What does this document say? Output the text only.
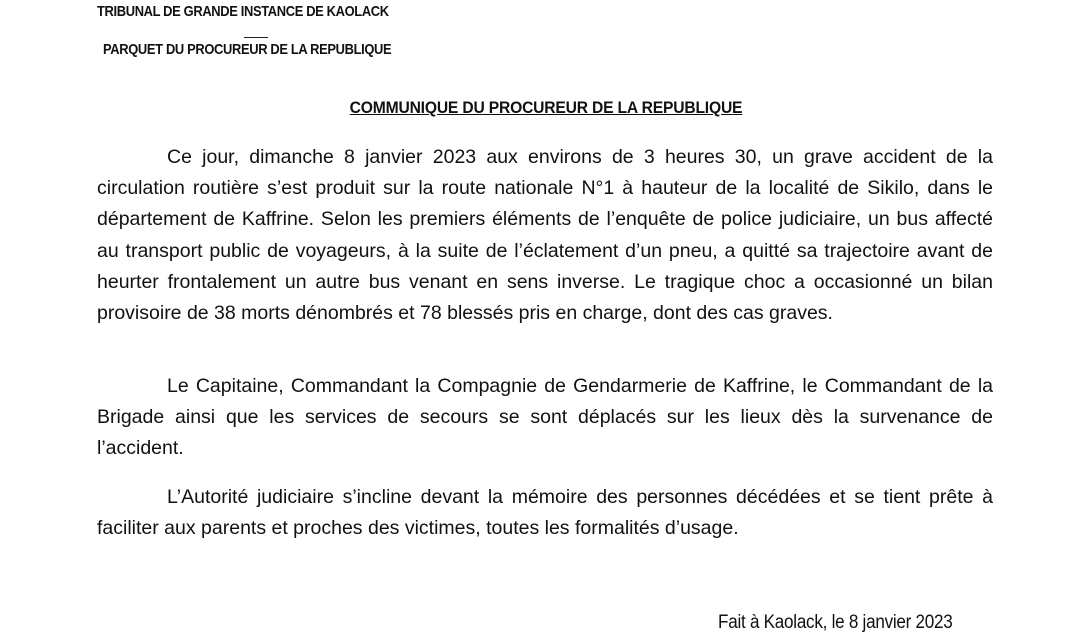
TRIBUNAL DE GRANDE INSTANCE DE KAOLACK
PARQUET DU PROCUREUR DE LA REPUBLIQUE
COMMUNIQUE DU PROCUREUR DE LA REPUBLIQUE

Ce jour, dimanche 8 janvier 2023 aux environs de 3 heures 30, un grave accident de la circulation routière s’est produit sur la route nationale N°1 à hauteur de la localité de Sikilo, dans le département de Kaffrine. Selon les premiers éléments de l’enquête de police judiciaire, un bus affecté au transport public de voyageurs, à la suite de l’éclatement d’un pneu, a quitté sa trajectoire avant de heurter frontalement un autre bus venant en sens inverse. Le tragique choc a occasionné un bilan provisoire de 38 morts dénombrés et 78 blessés pris en charge, dont des cas graves.

Le Capitaine, Commandant la Compagnie de Gendarmerie de Kaffrine, le Commandant de la Brigade ainsi que les services de secours se sont déplacés sur les lieux dès la survenance de l’accident.

L’Autorité judiciaire s’incline devant la mémoire des personnes décédées et se tient prête à faciliter aux parents et proches des victimes, toutes les formalités d’usage.

Fait à Kaolack, le 8 janvier 2023
